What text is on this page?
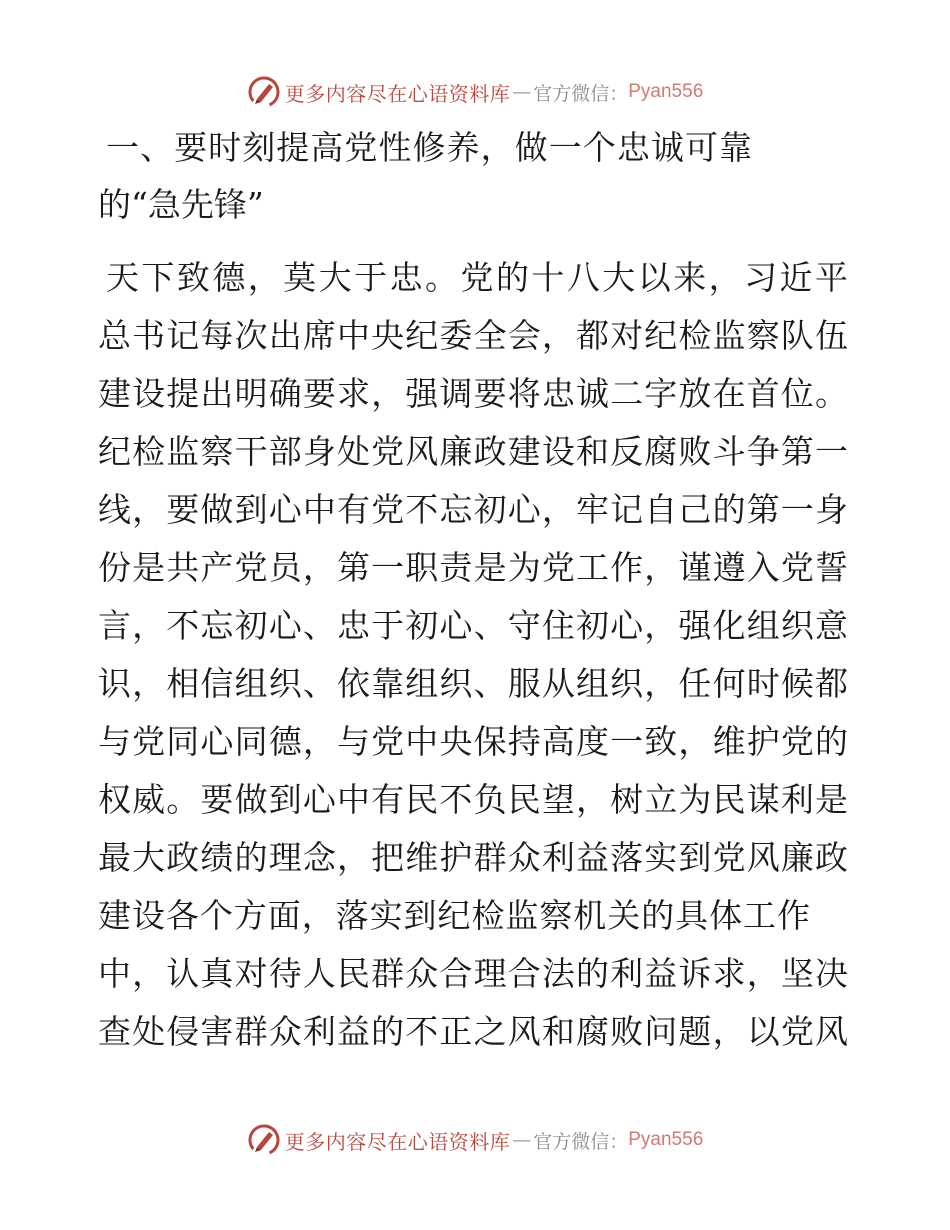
更多内容尽在心语资料库 — 官方微信： Pyan556
一、要时刻提高党性修养，做一个忠诚可靠
的“急先锋”
天下致德，莫大于忠。党的十八大以来，习近平
总书记每次出席中央纪委全会，都对纪检监察队伍
建设提出明确要求，强调要将忠诚二字放在首位。
纪检监察干部身处党风廉政建设和反腐败斗争第一
线，要做到心中有党不忘初心，牢记自己的第一身
份是共产党员，第一职责是为党工作，谨遵入党誓
言，不忘初心、忠于初心、守住初心，强化组织意
识，相信组织、依靠组织、服从组织，任何时候都
与党同心同德，与党中央保持高度一致，维护党的
权威。要做到心中有民不负民望，树立为民谋利是
最大政绩的理念，把维护群众利益落实到党风廉政
建设各个方面，落实到纪检监察机关的具体工作
中，认真对待人民群众合理合法的利益诉求，坚决
查处侵害群众利益的不正之风和腐败问题，以党风
更多内容尽在心语资料库 — 官方微信： Pyan556
